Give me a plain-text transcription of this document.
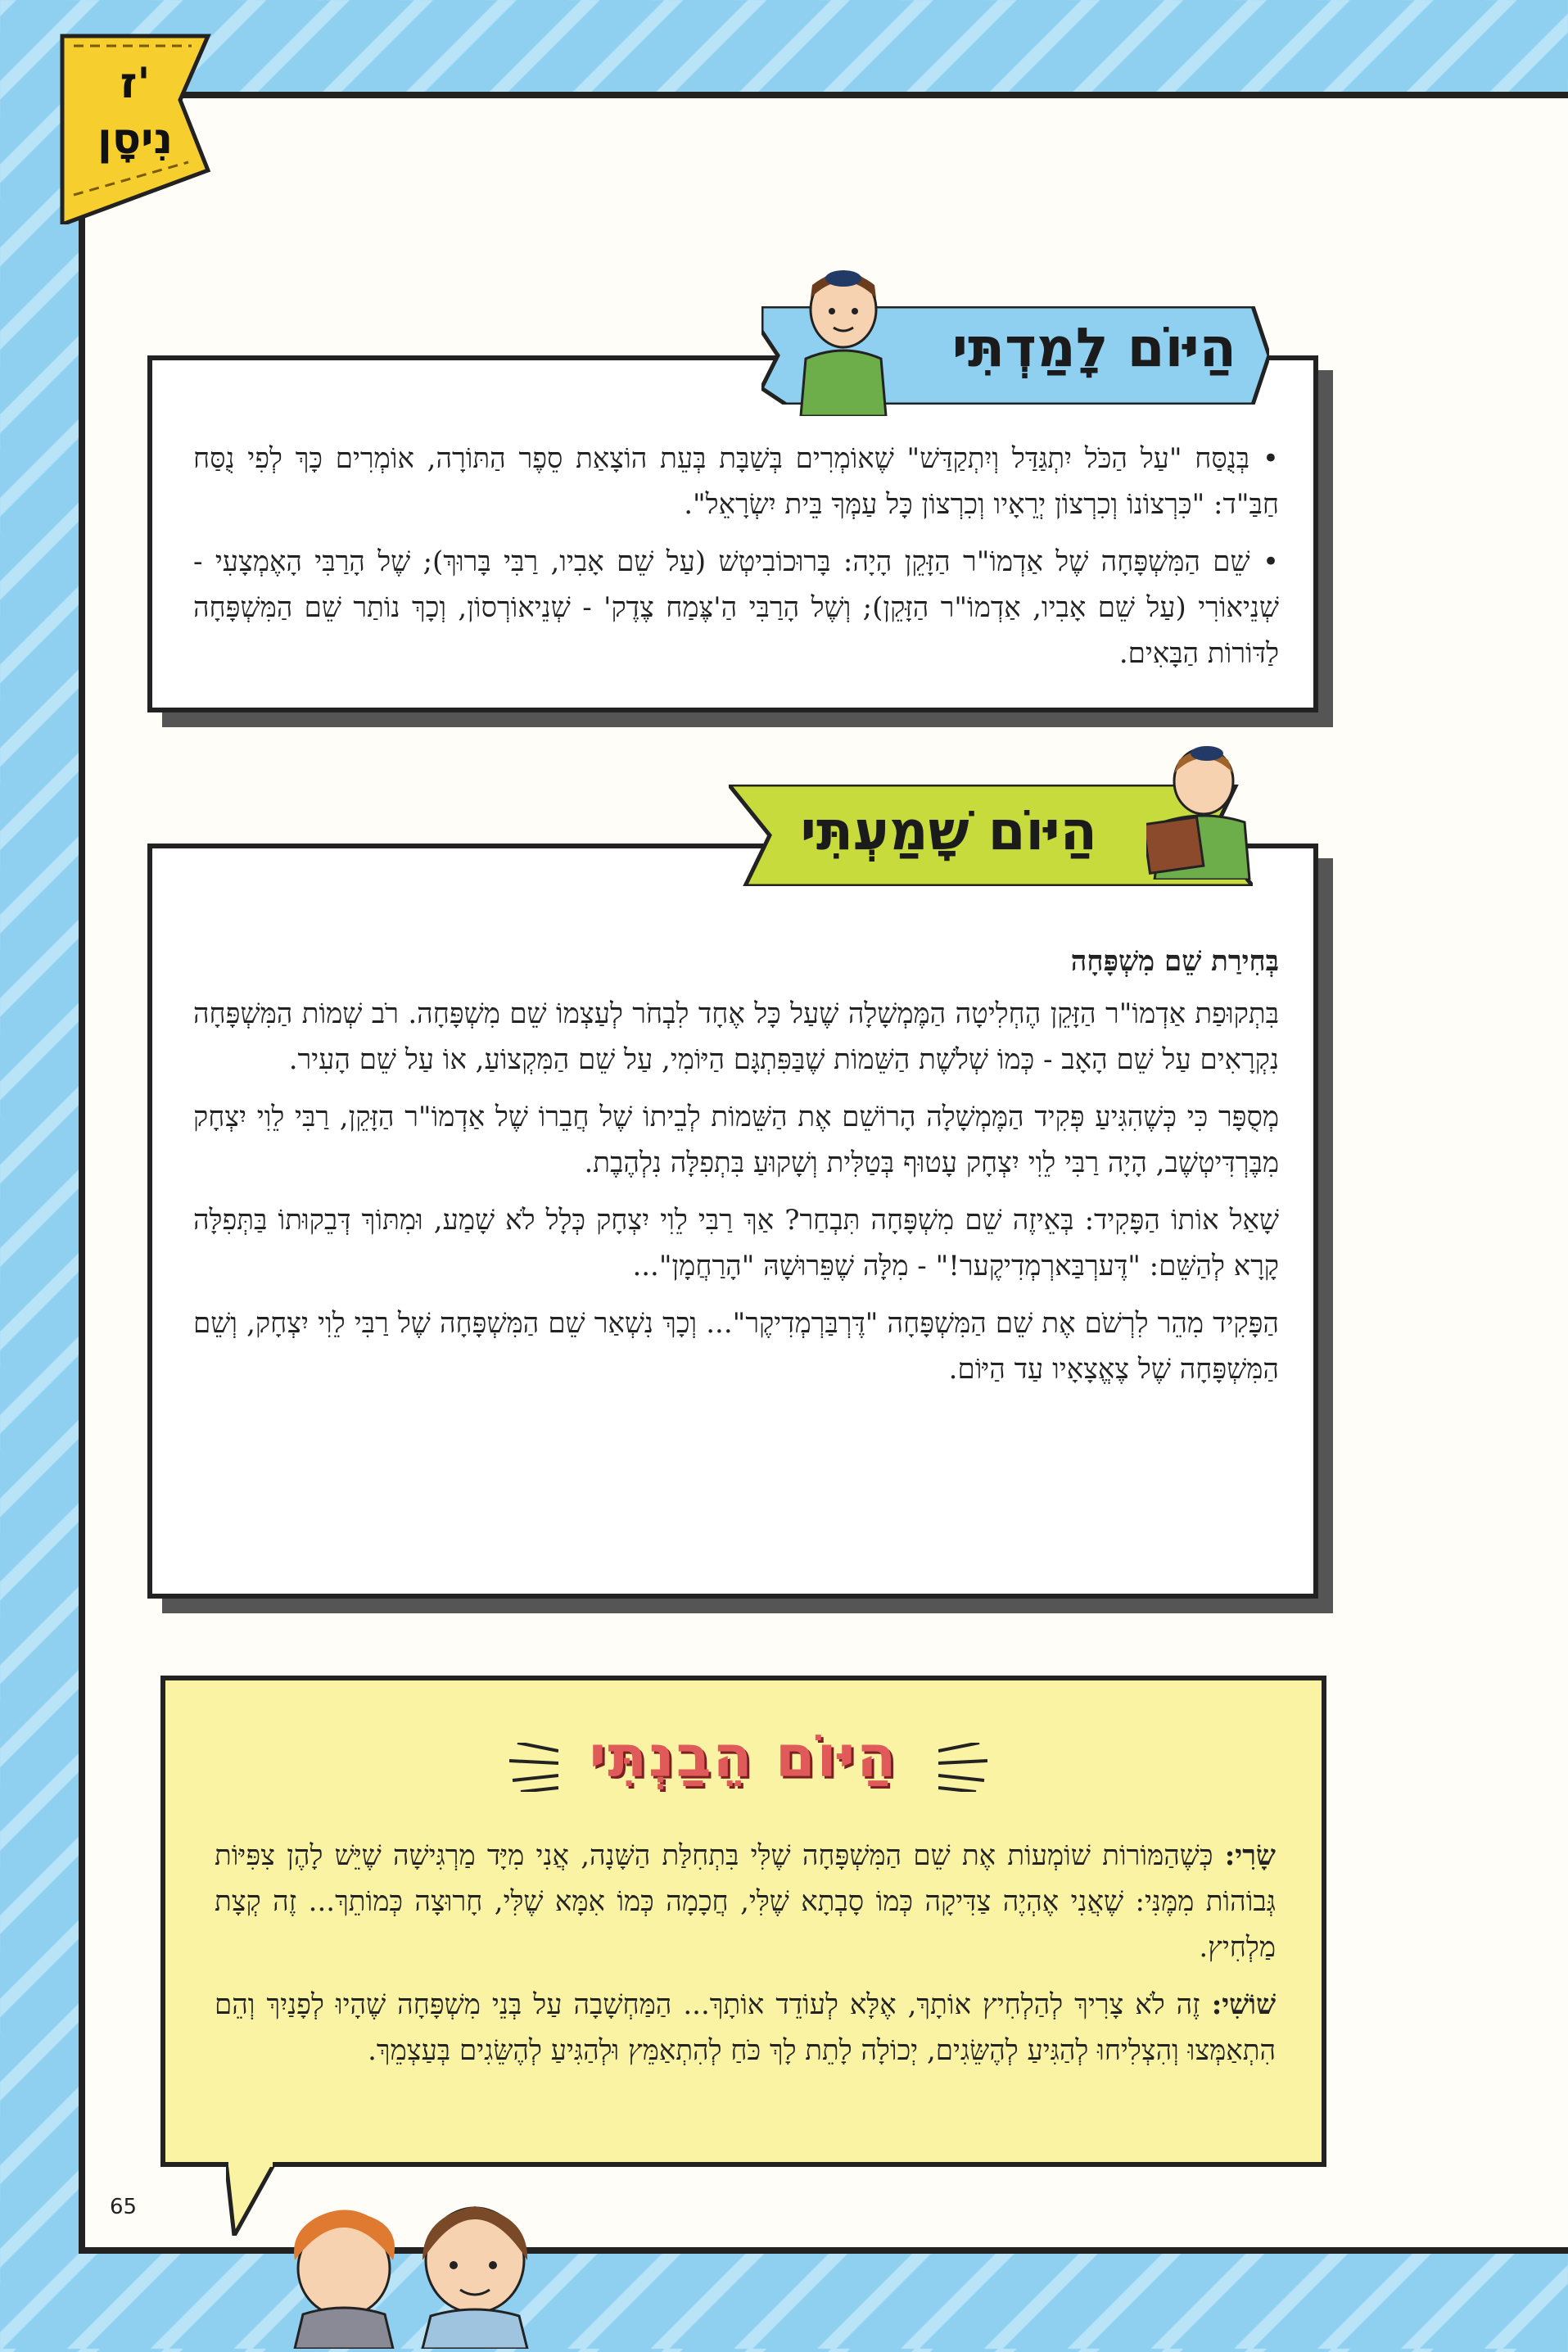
ז'
נִיסָן

• בְּנֻסַּח "עַל הַכֹּל יִתְגַּדַּל וְיִתְקַדַּשׁ" שֶׁאוֹמְרִים בְּשַׁבָּת בְּעֵת הוֹצָאַת סֵפֶר הַתּוֹרָה, אוֹמְרִים כָּךְ לְפִי נֻסַּח חַבַּ"ד: "כִּרְצוֹנוֹ וְכִרְצוֹן יְרֵאָיו וְכִרְצוֹן כָּל עַמְּךָ בֵּית יִשְׂרָאֵל".

• שֵׁם הַמִּשְׁפָּחָה שֶׁל אַדְמוֹ"ר הַזָּקֵן הָיָה: בָּרוּכוֹבִיטְשׁ (עַל שֵׁם אָבִיו, רַבִּי בָּרוּךְ); שֶׁל הָרַבִּי הָאֶמְצָעִי - שְׁנֵיאוֹרִי (עַל שֵׁם אָבִיו, אַדְמוֹ"ר הַזָּקֵן); וְשֶׁל הָרַבִּי הַ'צֶּמַח צֶדֶק' - שְׁנֵיאוֹרְסוֹן, וְכָךְ נוֹתַר שֵׁם הַמִּשְׁפָּחָה לַדּוֹרוֹת הַבָּאִים.

הַיּוֹם לָמַדְתִּי

בְּחִירַת שֵׁם מִשְׁפָּחָה

בִּתְקוּפַת אַדְמוֹ"ר הַזָּקֵן הֶחְלִיטָה הַמֶּמְשָׁלָה שֶׁעַל כָּל אֶחָד לִבְחֹר לְעַצְמוֹ שֵׁם מִשְׁפָּחָה. רֹב שְׁמוֹת הַמִּשְׁפָּחָה נִקְרָאִים עַל שֵׁם הָאָב - כְּמוֹ שְׁלֹשֶׁת הַשֵּׁמוֹת שֶׁבַּפִּתְגָּם הַיּוֹמִי, עַל שֵׁם הַמִּקְצוֹעַ, אוֹ עַל שֵׁם הָעִיר.

מְסֻפָּר כִּי כְּשֶׁהִגִּיעַ פְּקִיד הַמֶּמְשָׁלָה הָרוֹשֵׁם אֶת הַשֵּׁמוֹת לְבֵיתוֹ שֶׁל חֲבֵרוֹ שֶׁל אַדְמוֹ"ר הַזָּקֵן, רַבִּי לֵוִי יִצְחָק מִבֶּרְדִּיטְשֶׁב, הָיָה רַבִּי לֵוִי יִצְחָק עָטוּף בְּטַלִּית וְשָׁקוּעַ בִּתְפִלָּה נִלְהֶבֶת.

שָׁאַל אוֹתוֹ הַפָּקִיד: בְּאֵיזֶה שֵׁם מִשְׁפָּחָה תִּבְחַר? אַךְ רַבִּי לֵוִי יִצְחָק כְּלָל לֹא שָׁמַע, וּמִתּוֹךְ דְּבֵקוּתוֹ בַּתְּפִלָּה קָרָא לְהַשֵּׁם: "דֶּערְבַּארְמְדִיקֶער!" - מִלָּה שֶׁפֵּרוּשָׁהּ "הָרַחֲמָן"...

הַפָּקִיד מִהֵר לִרְשֹׁם אֶת שֵׁם הַמִּשְׁפָּחָה "דֶּרְבַּרְמְדִיקֶר"... וְכָךְ נִשְׁאַר שֵׁם הַמִּשְׁפָּחָה שֶׁל רַבִּי לֵוִי יִצְחָק, וְשֵׁם הַמִּשְׁפָּחָה שֶׁל צֶאֱצָאָיו עַד הַיּוֹם.

הַיּוֹם שָׁמַעְתִּי
הַיּוֹם הֵבַנְתִּי

שָׂרִי: כְּשֶׁהַמּוֹרוֹת שׁוֹמְעוֹת אֶת שֵׁם הַמִּשְׁפָּחָה שֶׁלִּי בִּתְחִלַּת הַשָּׁנָה, אֲנִי מִיָּד מַרְגִּישָׁה שֶׁיֵּשׁ לָהֶן צִפִּיּוֹת גְּבוֹהוֹת מִמֶּנִּי: שֶׁאֲנִי אֶהְיֶה צַדִּיקָה כְּמוֹ סָבְתָא שֶׁלִּי, חֲכָמָה כְּמוֹ אִמָּא שֶׁלִּי, חָרוּצָה כְּמוֹתֵךְ... זֶה קְצָת מַלְחִיץ.

שׁוֹשִׁי: זֶה לֹא צָרִיךְ לְהַלְחִיץ אוֹתָךְ, אֶלָּא לְעוֹדֵד אוֹתָךְ... הַמַּחְשָׁבָה עַל בְּנֵי מִשְׁפָּחָה שֶׁהָיוּ לְפָנַיִךְ וְהֵם הִתְאַמְּצוּ וְהִצְלִיחוּ לְהַגִּיעַ לְהֶשֵּׂגִים, יְכוֹלָה לָתֵת לָךְ כֹּחַ לְהִתְאַמֵּץ וּלְהַגִּיעַ לְהֶשֵּׂגִים בְּעַצְמֵךְ.

65
